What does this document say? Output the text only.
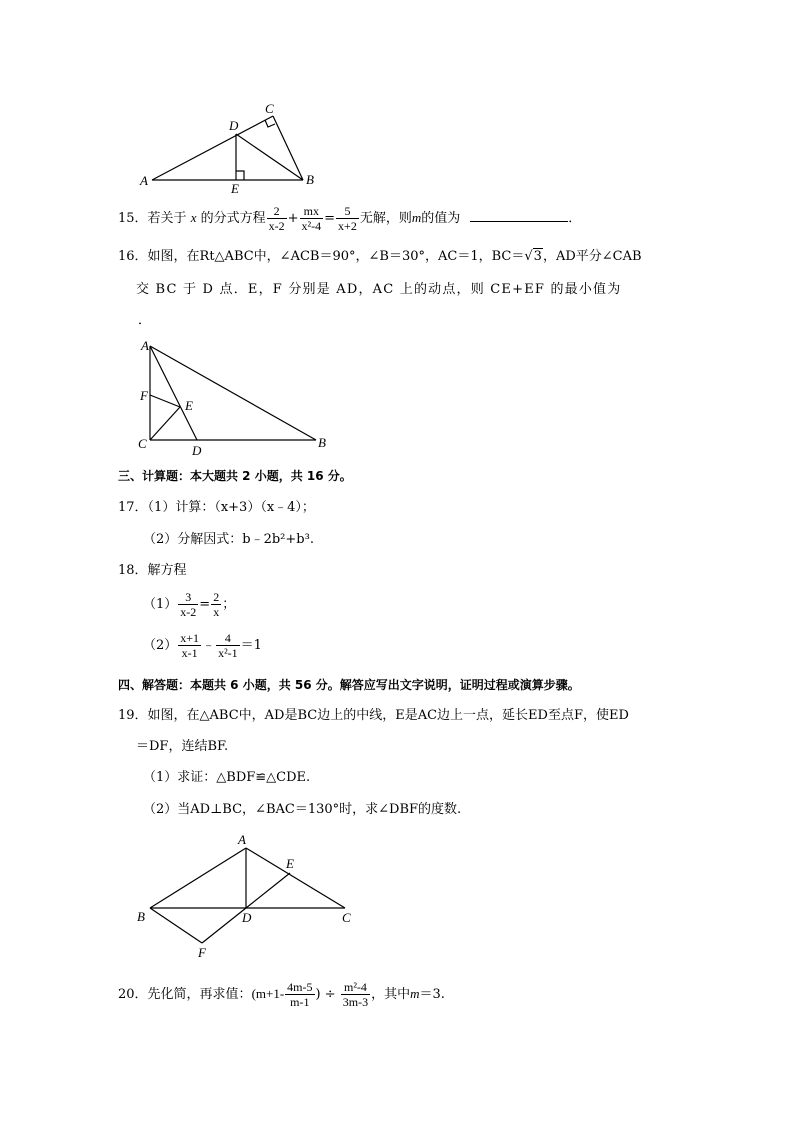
A	B
C
D
E
15．若关于 x 的分式方程 $\frac{2}{x-2} + \frac{mx}{\text{x²-4}} = \frac{5}{x+2}$ 无解，则m的值为	．
16．如图，在Rt△ABC中，∠ACB＝90°，∠B＝30°，AC＝1，BC＝√3，AD平分∠CAB
交 BC 于 D 点．E，F 分别是 AD，AC 上的动点，则 CE+EF 的最小值为
．
A
F
E
C	D
B
三、计算题：本大题共 2 小题，共 16 分。
17．（1）计算：（x+3）（x﹣4）；
（2）分解因式：b﹣2b²+b³.
18．解方程
$(1) \frac{3}{x-2} = \frac{2}{x}$ ；
$(2) \frac{x+1}{x-1}$ ﹣ $\frac{4}{\text{x²-1}} =1$
四、解答题：本题共 6 小题，共 56 分。解答应写出文字说明，证明过程或演算步骤。
19．如图，在△ABC中，AD是BC边上的中线，E是AC边上一点，延长ED至点F，使ED
＝DF，连结BF.
（1）求证：△BDF≌△CDE.
（2）当AD⊥BC，∠BAC＝130°时，求∠DBF的度数.
A
E
B	D	C
F
20．先化简，再求值：($m+1- \frac{4m-5}{m-1}$ ) ÷ $\frac{\text{m²-4}}{3m-3}$ ，其中m＝3.
